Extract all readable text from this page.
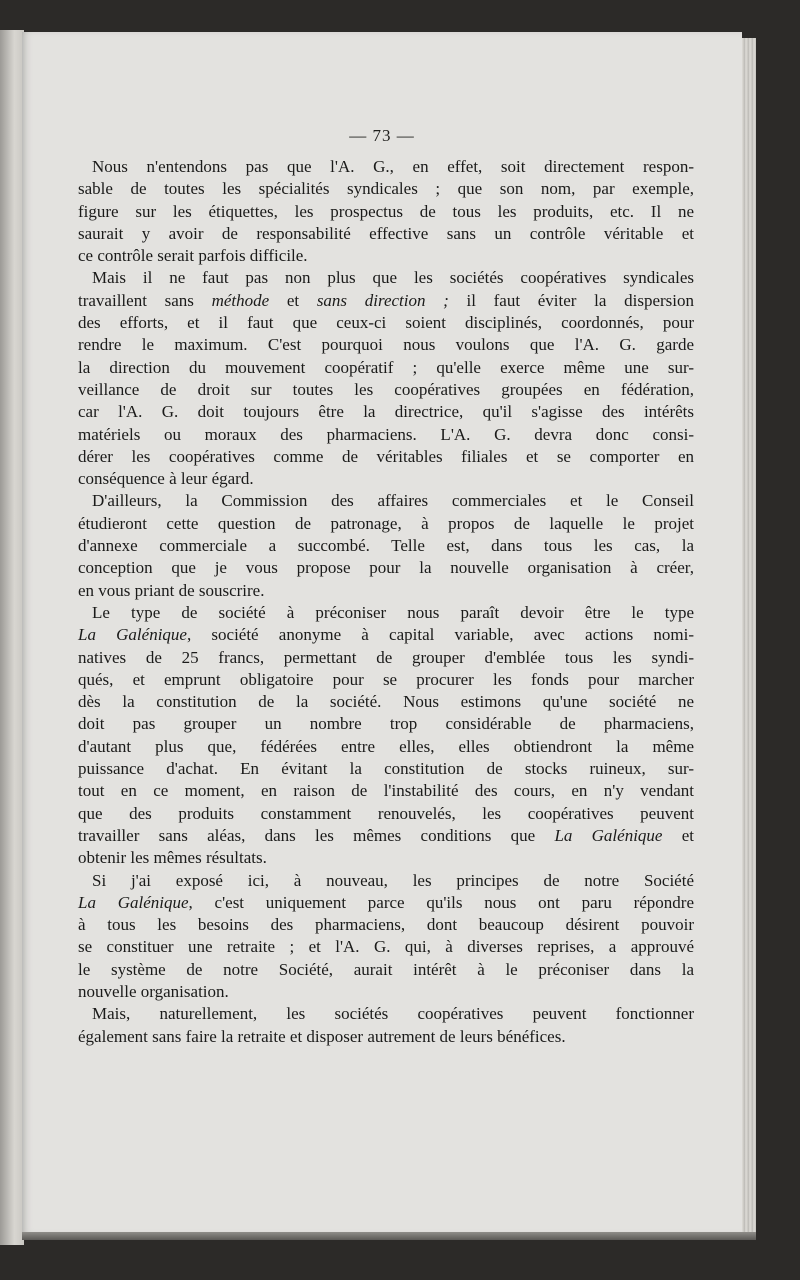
— 73 —
Nous n'entendons pas que l'A. G., en effet, soit directement respon-
sable de toutes les spécialités syndicales ; que son nom, par exemple,
figure sur les étiquettes, les prospectus de tous les produits, etc. Il ne
saurait y avoir de responsabilité effective sans un contrôle véritable et
ce contrôle serait parfois difficile.
Mais il ne faut pas non plus que les sociétés coopératives syndicales
travaillent sans méthode et sans direction ; il faut éviter la dispersion
des efforts, et il faut que ceux-ci soient disciplinés, coordonnés, pour
rendre le maximum. C'est pourquoi nous voulons que l'A. G. garde
la direction du mouvement coopératif ; qu'elle exerce même une sur-
veillance de droit sur toutes les coopératives groupées en fédération,
car l'A. G. doit toujours être la directrice, qu'il s'agisse des intérêts
matériels ou moraux des pharmaciens. L'A. G. devra donc consi-
dérer les coopératives comme de véritables filiales et se comporter en
conséquence à leur égard.
D'ailleurs, la Commission des affaires commerciales et le Conseil
étudieront cette question de patronage, à propos de laquelle le projet
d'annexe commerciale a succombé. Telle est, dans tous les cas, la
conception que je vous propose pour la nouvelle organisation à créer,
en vous priant de souscrire.
Le type de société à préconiser nous paraît devoir être le type
La Galénique, société anonyme à capital variable, avec actions nomi-
natives de 25 francs, permettant de grouper d'emblée tous les syndi-
qués, et emprunt obligatoire pour se procurer les fonds pour marcher
dès la constitution de la société. Nous estimons qu'une société ne
doit pas grouper un nombre trop considérable de pharmaciens,
d'autant plus que, fédérées entre elles, elles obtiendront la même
puissance d'achat. En évitant la constitution de stocks ruineux, sur-
tout en ce moment, en raison de l'instabilité des cours, en n'y vendant
que des produits constamment renouvelés, les coopératives peuvent
travailler sans aléas, dans les mêmes conditions que La Galénique et
obtenir les mêmes résultats.
Si j'ai exposé ici, à nouveau, les principes de notre Société
La Galénique, c'est uniquement parce qu'ils nous ont paru répondre
à tous les besoins des pharmaciens, dont beaucoup désirent pouvoir
se constituer une retraite ; et l'A. G. qui, à diverses reprises, a approuvé
le système de notre Société, aurait intérêt à le préconiser dans la
nouvelle organisation.
Mais, naturellement, les sociétés coopératives peuvent fonctionner
également sans faire la retraite et disposer autrement de leurs bénéfices.
